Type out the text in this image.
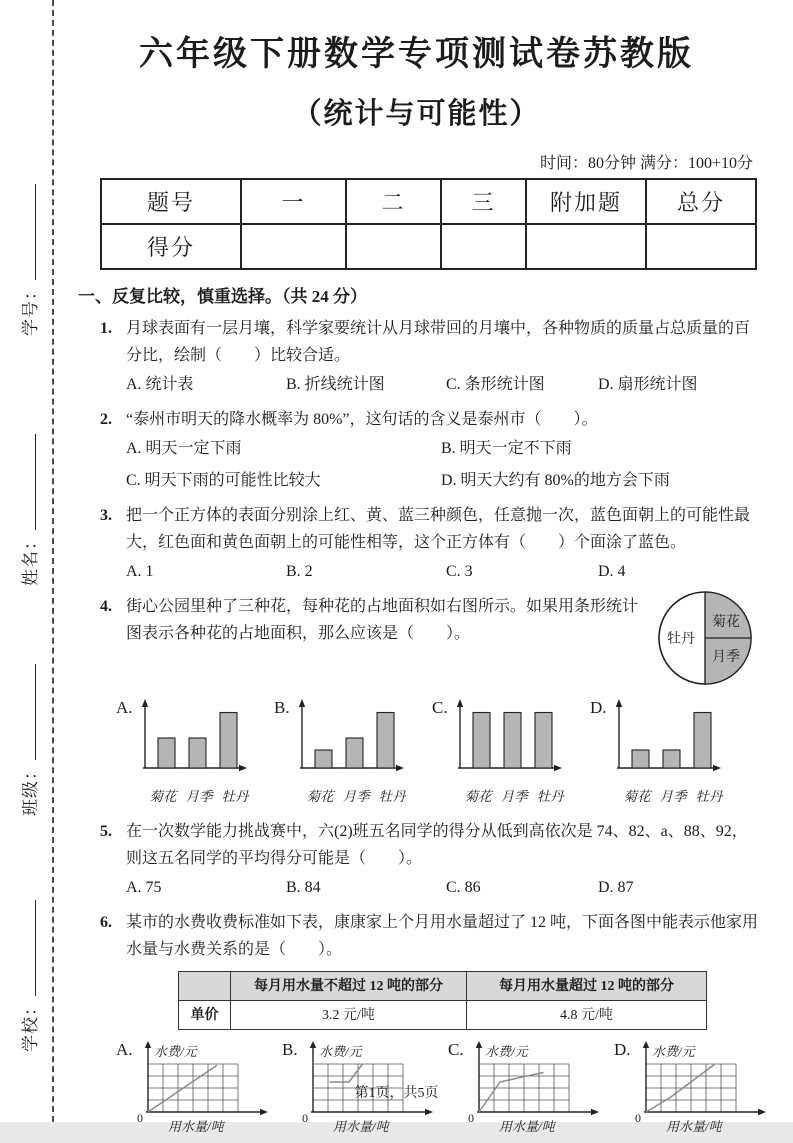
学号：
姓名：
班级：
学校：
六年级下册数学专项测试卷苏教版
（统计与可能性）
时间：80分钟 满分：100+10分
题号	一	二	三	附加题	总分
得分					
一、反复比较，慎重选择。（共 24 分）
1. 月球表面有一层月壤，科学家要统计从月球带回的月壤中，各种物质的质量占总质量的百分比，绘制（　　）比较合适。
A. 统计表	B. 折线统计图	C. 条形统计图	D. 扇形统计图
2. “泰州市明天的降水概率为 80%”，这句话的含义是泰州市（　　）。
A. 明天一定下雨	B. 明天一定不下雨
C. 明天下雨的可能性比较大	D. 明天大约有 80%的地方会下雨
3. 把一个正方体的表面分别涂上红、黄、蓝三种颜色，任意抛一次，蓝色面朝上的可能性最大，红色面和黄色面朝上的可能性相等，这个正方体有（　　）个面涂了蓝色。
A. 1	B. 2	C. 3	D. 4
4.
牡丹
菊花
月季
街心公园里种了三种花，每种花的占地面积如右图所示。如果用条形统计图表示各种花的占地面积，那么应该是（　　）。
A.
菊花 月季 牡丹
B.
菊花 月季 牡丹
C.
菊花 月季 牡丹
D.
菊花 月季 牡丹
5. 在一次数学能力挑战赛中，六(2)班五名同学的得分从低到高依次是 74、82、a、88、92，则这五名同学的平均得分可能是（　　）。
A. 75	B. 84	C. 86	D. 87
6. 某市的水费收费标准如下表，康康家上个月用水量超过了 12 吨，下面各图中能表示他家用水量与水费关系的是（　　）。
	每月用水量不超过 12 吨的部分	每月用水量超过 12 吨的部分
单价	3.2 元/吨	4.8 元/吨
A. 水费/元
0
用水量/吨
B. 水费/元
0
用水量/吨
C. 水费/元
0
用水量/吨
D. 水费/元
0
用水量/吨
第1页，共5页
